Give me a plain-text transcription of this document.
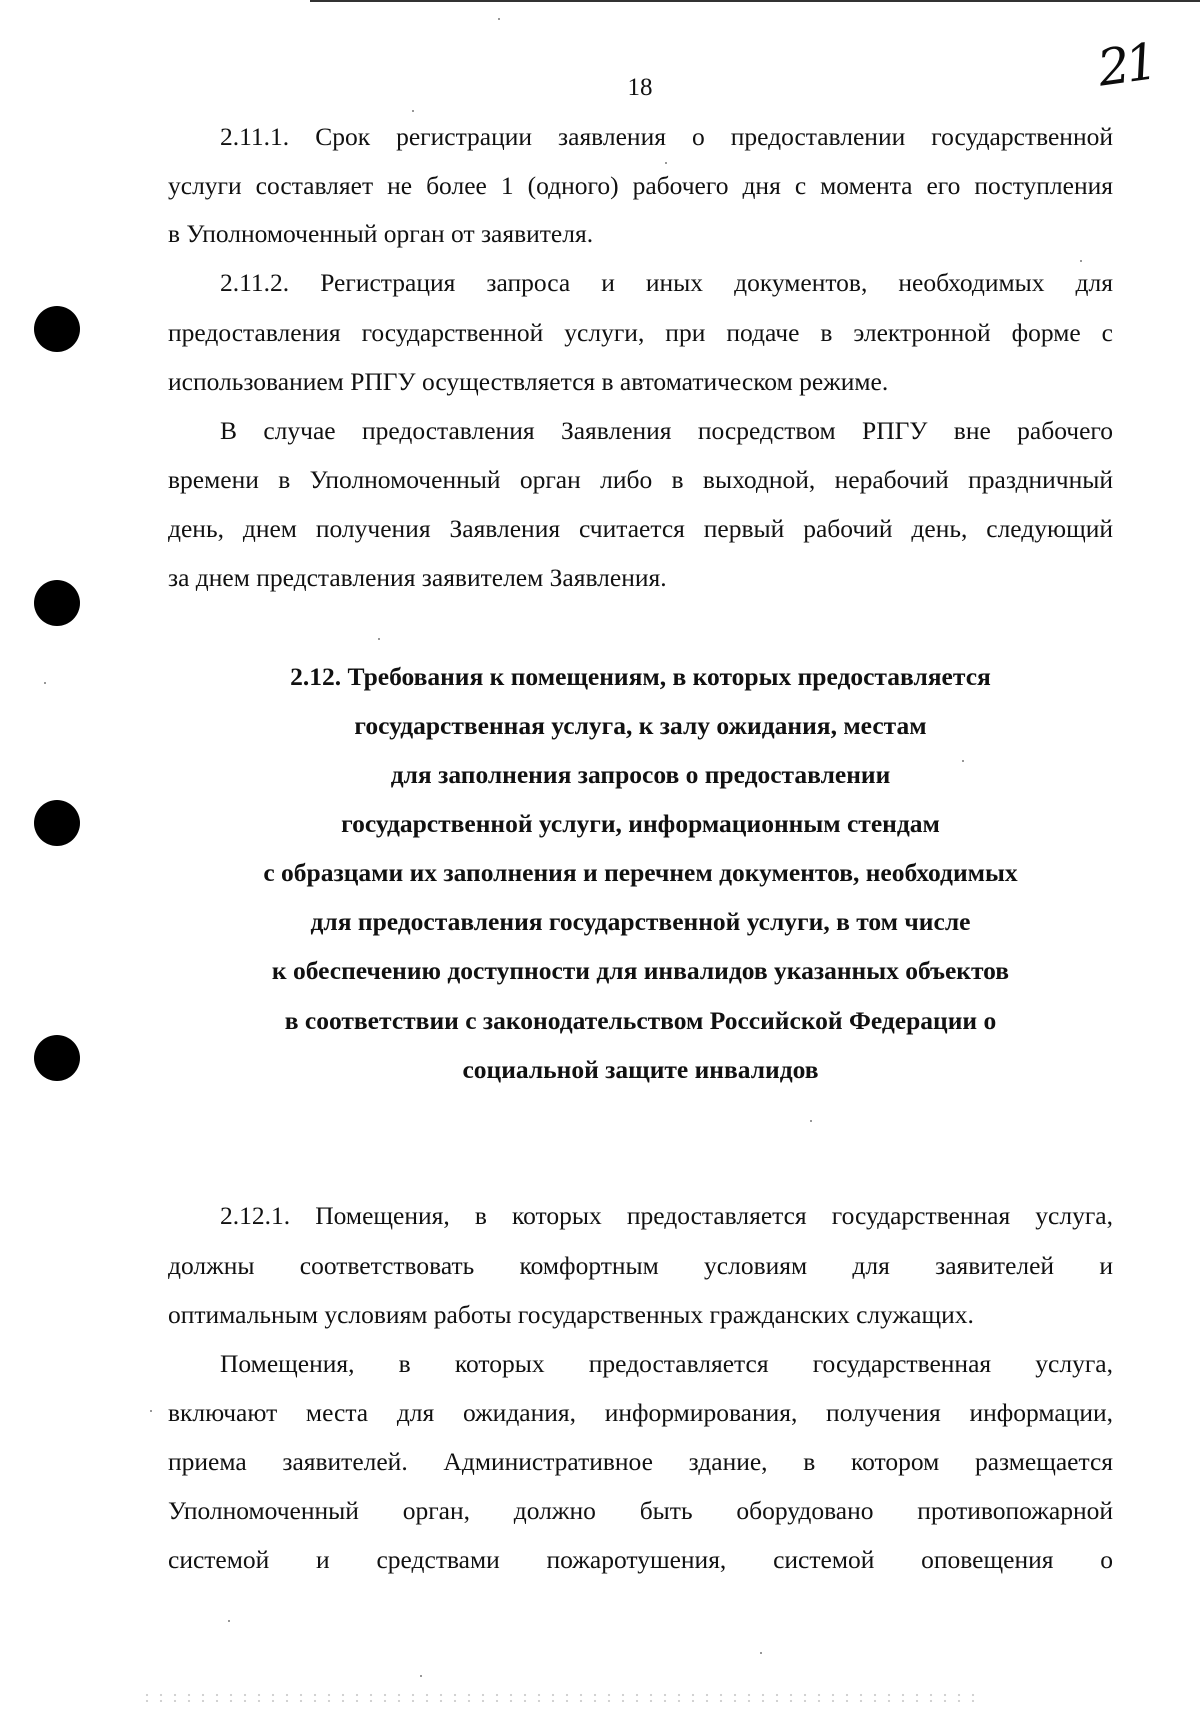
18	21
2.11.1. Срок регистрации заявления о предоставлении государственной
услуги составляет не более 1 (одного) рабочего дня с момента его поступления
в Уполномоченный орган от заявителя.
2.11.2. Регистрация запроса и иных документов, необходимых для
предоставления государственной услуги, при подаче в электронной форме с
использованием РПГУ осуществляется в автоматическом режиме.
В случае предоставления Заявления посредством РПГУ вне рабочего
времени в Уполномоченный орган либо в выходной, нерабочий праздничный
день, днем получения Заявления считается первый рабочий день, следующий
за днем представления заявителем Заявления.
2.12. Требования к помещениям, в которых предоставляется
государственная услуга, к залу ожидания, местам
для заполнения запросов о предоставлении
государственной услуги, информационным стендам
с образцами их заполнения и перечнем документов, необходимых
для предоставления государственной услуги, в том числе
к обеспечению доступности для инвалидов указанных объектов
в соответствии с законодательством Российской Федерации о
социальной защите инвалидов
2.12.1. Помещения, в которых предоставляется государственная услуга,
должны соответствовать комфортным условиям для заявителей и
оптимальным условиям работы государственных гражданских служащих.
Помещения, в которых предоставляется государственная услуга,
включают места для ожидания, информирования, получения информации,
приема заявителей. Административное здание, в котором размещается
Уполномоченный орган, должно быть оборудовано противопожарной
системой и средствами пожаротушения, системой оповещения о
